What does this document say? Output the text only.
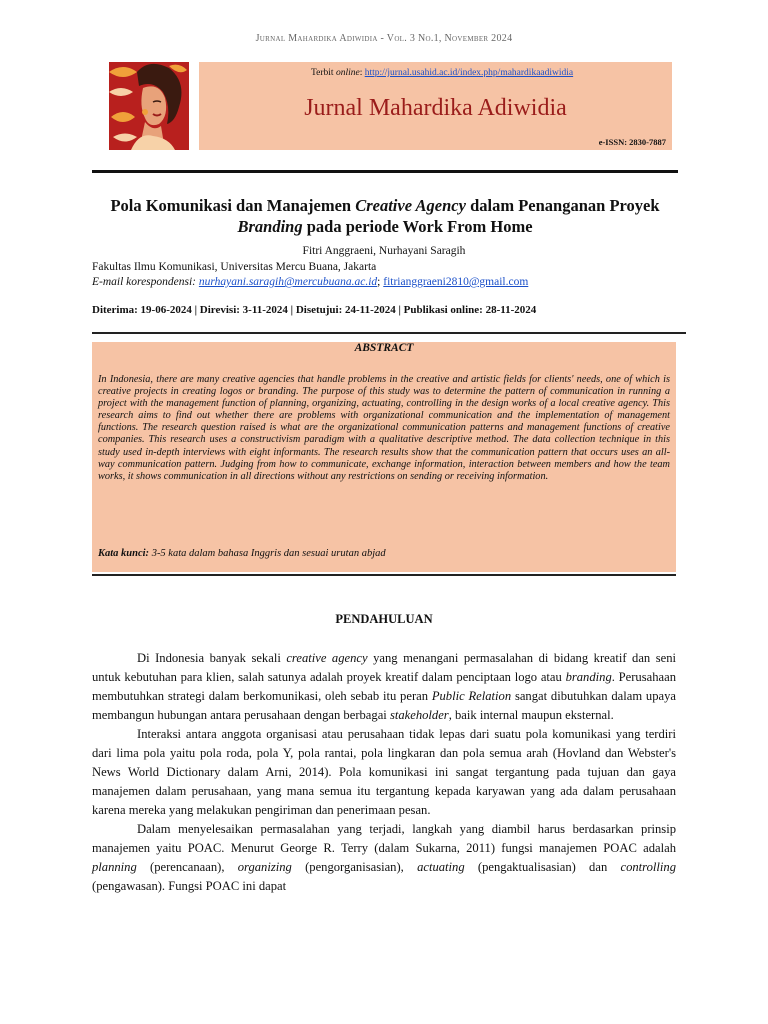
Jurnal Mahardika Adiwidia - Vol. 3 No.1, November 2024
Terbit online: http://jurnal.usahid.ac.id/index.php/mahardikaadiwidia
Jurnal Mahardika Adiwidia
e-ISSN: 2830-7887
Pola Komunikasi dan Manajemen Creative Agency dalam Penanganan Proyek Branding pada periode Work From Home
Fitri Anggraeni, Nurhayani Saragih
Fakultas Ilmu Komunikasi, Universitas Mercu Buana, Jakarta
E-mail korespondensi: nurhayani.saragih@mercubuana.ac.id; fitrianggraeni2810@gmail.com
Diterima: 19-06-2024 | Direvisi: 3-11-2024 | Disetujui: 24-11-2024 | Publikasi online: 28-11-2024
ABSTRACT
In Indonesia, there are many creative agencies that handle problems in the creative and artistic fields for clients' needs, one of which is creative projects in creating logos or branding. The purpose of this study was to determine the pattern of communication in running a project with the management function of planning, organizing, actuating, controlling in the design works of a local creative agency. This research aims to find out whether there are problems with organizational communication and the implementation of management functions. The research question raised is what are the organizational communication patterns and management functions of creative companies. This research uses a constructivism paradigm with a qualitative descriptive method. The data collection technique in this study used in-depth interviews with eight informants. The research results show that the communication pattern that occurs uses an all-way communication pattern. Judging from how to communicate, exchange information, interaction between members and how the team works, it shows communication in all directions without any restrictions on sending or receiving information.
Kata kunci: 3-5 kata dalam bahasa Inggris dan sesuai urutan abjad
PENDAHULUAN

Di Indonesia banyak sekali creative agency yang menangani permasalahan di bidang kreatif dan seni untuk kebutuhan para klien, salah satunya adalah proyek kreatif dalam penciptaan logo atau branding. Perusahaan membutuhkan strategi dalam berkomunikasi, oleh sebab itu peran Public Relation sangat dibutuhkan dalam upaya membangun hubungan antara perusahaan dengan berbagai stakeholder, baik internal maupun eksternal.

Interaksi antara anggota organisasi atau perusahaan tidak lepas dari suatu pola komunikasi yang terdiri dari lima pola yaitu pola roda, pola Y, pola rantai, pola lingkaran dan pola semua arah (Hovland dan Webster's News World Dictionary dalam Arni, 2014). Pola komunikasi ini sangat tergantung pada tujuan dan gaya manajemen dalam perusahaan, yang mana semua itu tergantung kepada karyawan yang ada dalam perusahaan karena mereka yang melakukan pengiriman dan penerimaan pesan.

Dalam menyelesaikan permasalahan yang terjadi, langkah yang diambil harus berdasarkan prinsip manajemen yaitu POAC. Menurut George R. Terry (dalam Sukarna, 2011) fungsi manajemen POAC adalah planning (perencanaan), organizing (pengorganisasian), actuating (pengaktualisasian) dan controlling (pengawasan). Fungsi POAC ini dapat
